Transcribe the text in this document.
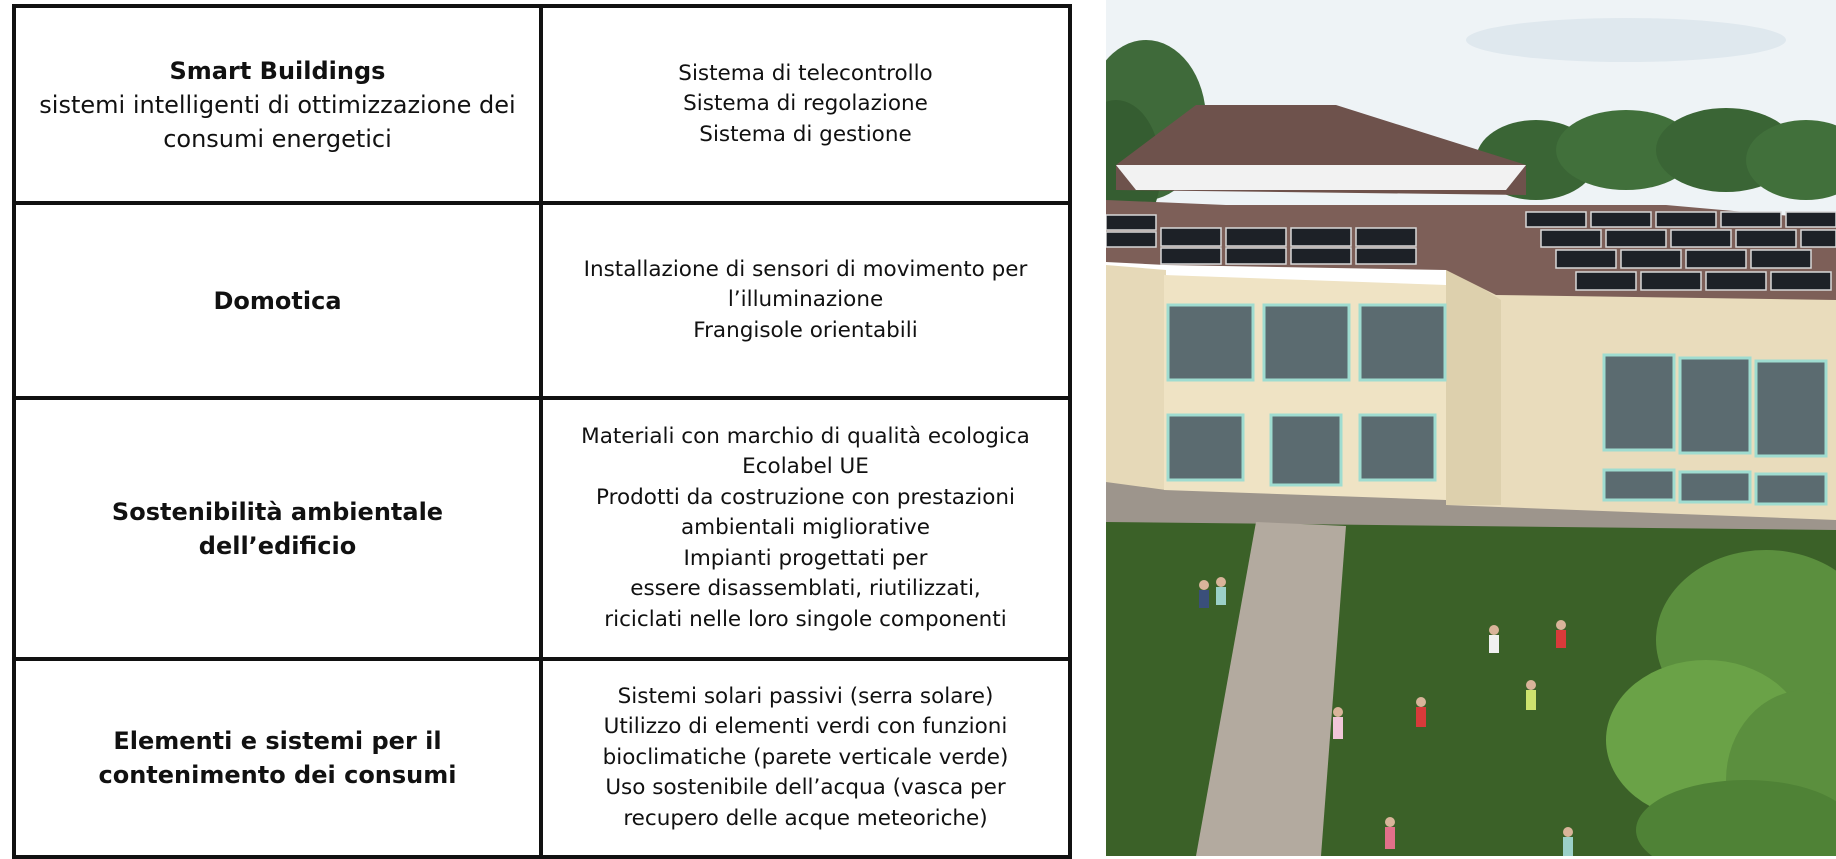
Smart Buildings
sistemi intelligenti di ottimizzazione dei consumi energetici	Sistema di telecontrollo
Sistema di regolazione
Sistema di gestione

Domotica	Installazione di sensori di movimento per l’illuminazione
Frangisole orientabili

Sostenibilità ambientale dell’edificio	Materiali con marchio di qualità ecologica Ecolabel UE
Prodotti da costruzione con prestazioni ambientali migliorative
Impianti progettati per
essere disassemblati, riutilizzati,
riciclati nelle loro singole componenti

Elementi e sistemi per il contenimento dei consumi	Sistemi solari passivi (serra solare)
Utilizzo di elementi verdi con funzioni bioclimatiche (parete verticale verde)
Uso sostenibile dell’acqua (vasca per recupero delle acque meteoriche)
